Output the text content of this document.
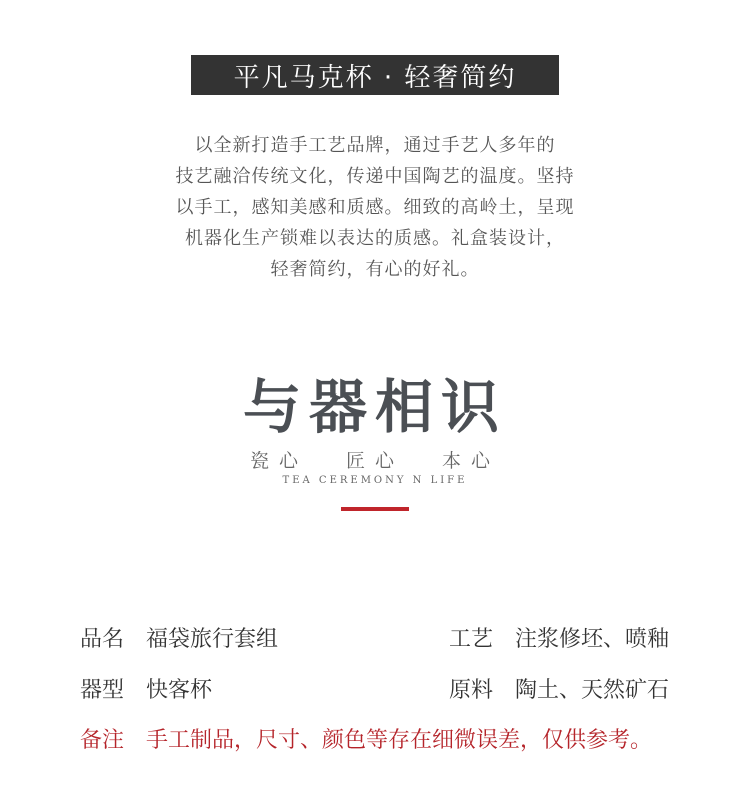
平凡马克杯 · 轻奢简约
以全新打造手工艺品牌，通过手艺人多年的
技艺融洽传统文化，传递中国陶艺的温度。坚持
以手工，感知美感和质感。细致的高岭土，呈现
机器化生产锁难以表达的质感。礼盒装设计，
轻奢简约，有心的好礼。
与器相识
瓷心 匠心 本心
TEA CEREMONY N LIFE
品名 福袋旅行套组	工艺 注浆修坯、喷釉
器型 快客杯	原料 陶土、天然矿石
备注 手工制品，尺寸、颜色等存在细微误差，仅供参考。
